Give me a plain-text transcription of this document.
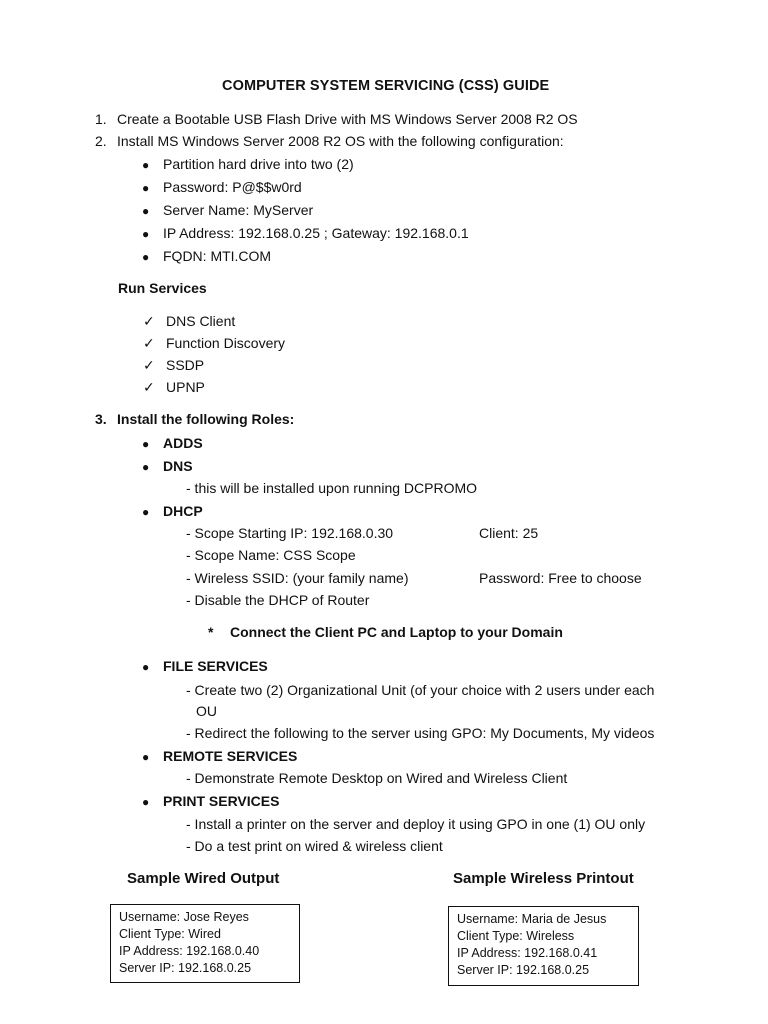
COMPUTER SYSTEM SERVICING (CSS) GUIDE
1. Create a Bootable USB Flash Drive with MS Windows Server 2008 R2 OS
2. Install MS Windows Server 2008 R2 OS with the following configuration:
● Partition hard drive into two (2)
● Password: P@$$w0rd
● Server Name: MyServer
● IP Address: 192.168.0.25 ; Gateway: 192.168.0.1
● FQDN: MTI.COM
Run Services
✓ DNS Client
✓ Function Discovery
✓ SSDP
✓ UPNP
3. Install the following Roles:
● ADDS
● DNS
- this will be installed upon running DCPROMO
● DHCP
- Scope Starting IP: 192.168.0.30	Client: 25
- Scope Name: CSS Scope
- Wireless SSID: (your family name)	Password: Free to choose
- Disable the DHCP of Router
* Connect the Client PC and Laptop to your Domain
● FILE SERVICES
- Create two (2) Organizational Unit (of your choice with 2 users under each
OU
- Redirect the following to the server using GPO: My Documents, My videos
● REMOTE SERVICES
- Demonstrate Remote Desktop on Wired and Wireless Client
● PRINT SERVICES
- Install a printer on the server and deploy it using GPO in one (1) OU only
- Do a test print on wired & wireless client
Sample Wired Output	Sample Wireless Printout
Username: Jose Reyes
Client Type: Wired
IP Address: 192.168.0.40
Server IP: 192.168.0.25
Username: Maria de Jesus
Client Type: Wireless
IP Address: 192.168.0.41
Server IP: 192.168.0.25
